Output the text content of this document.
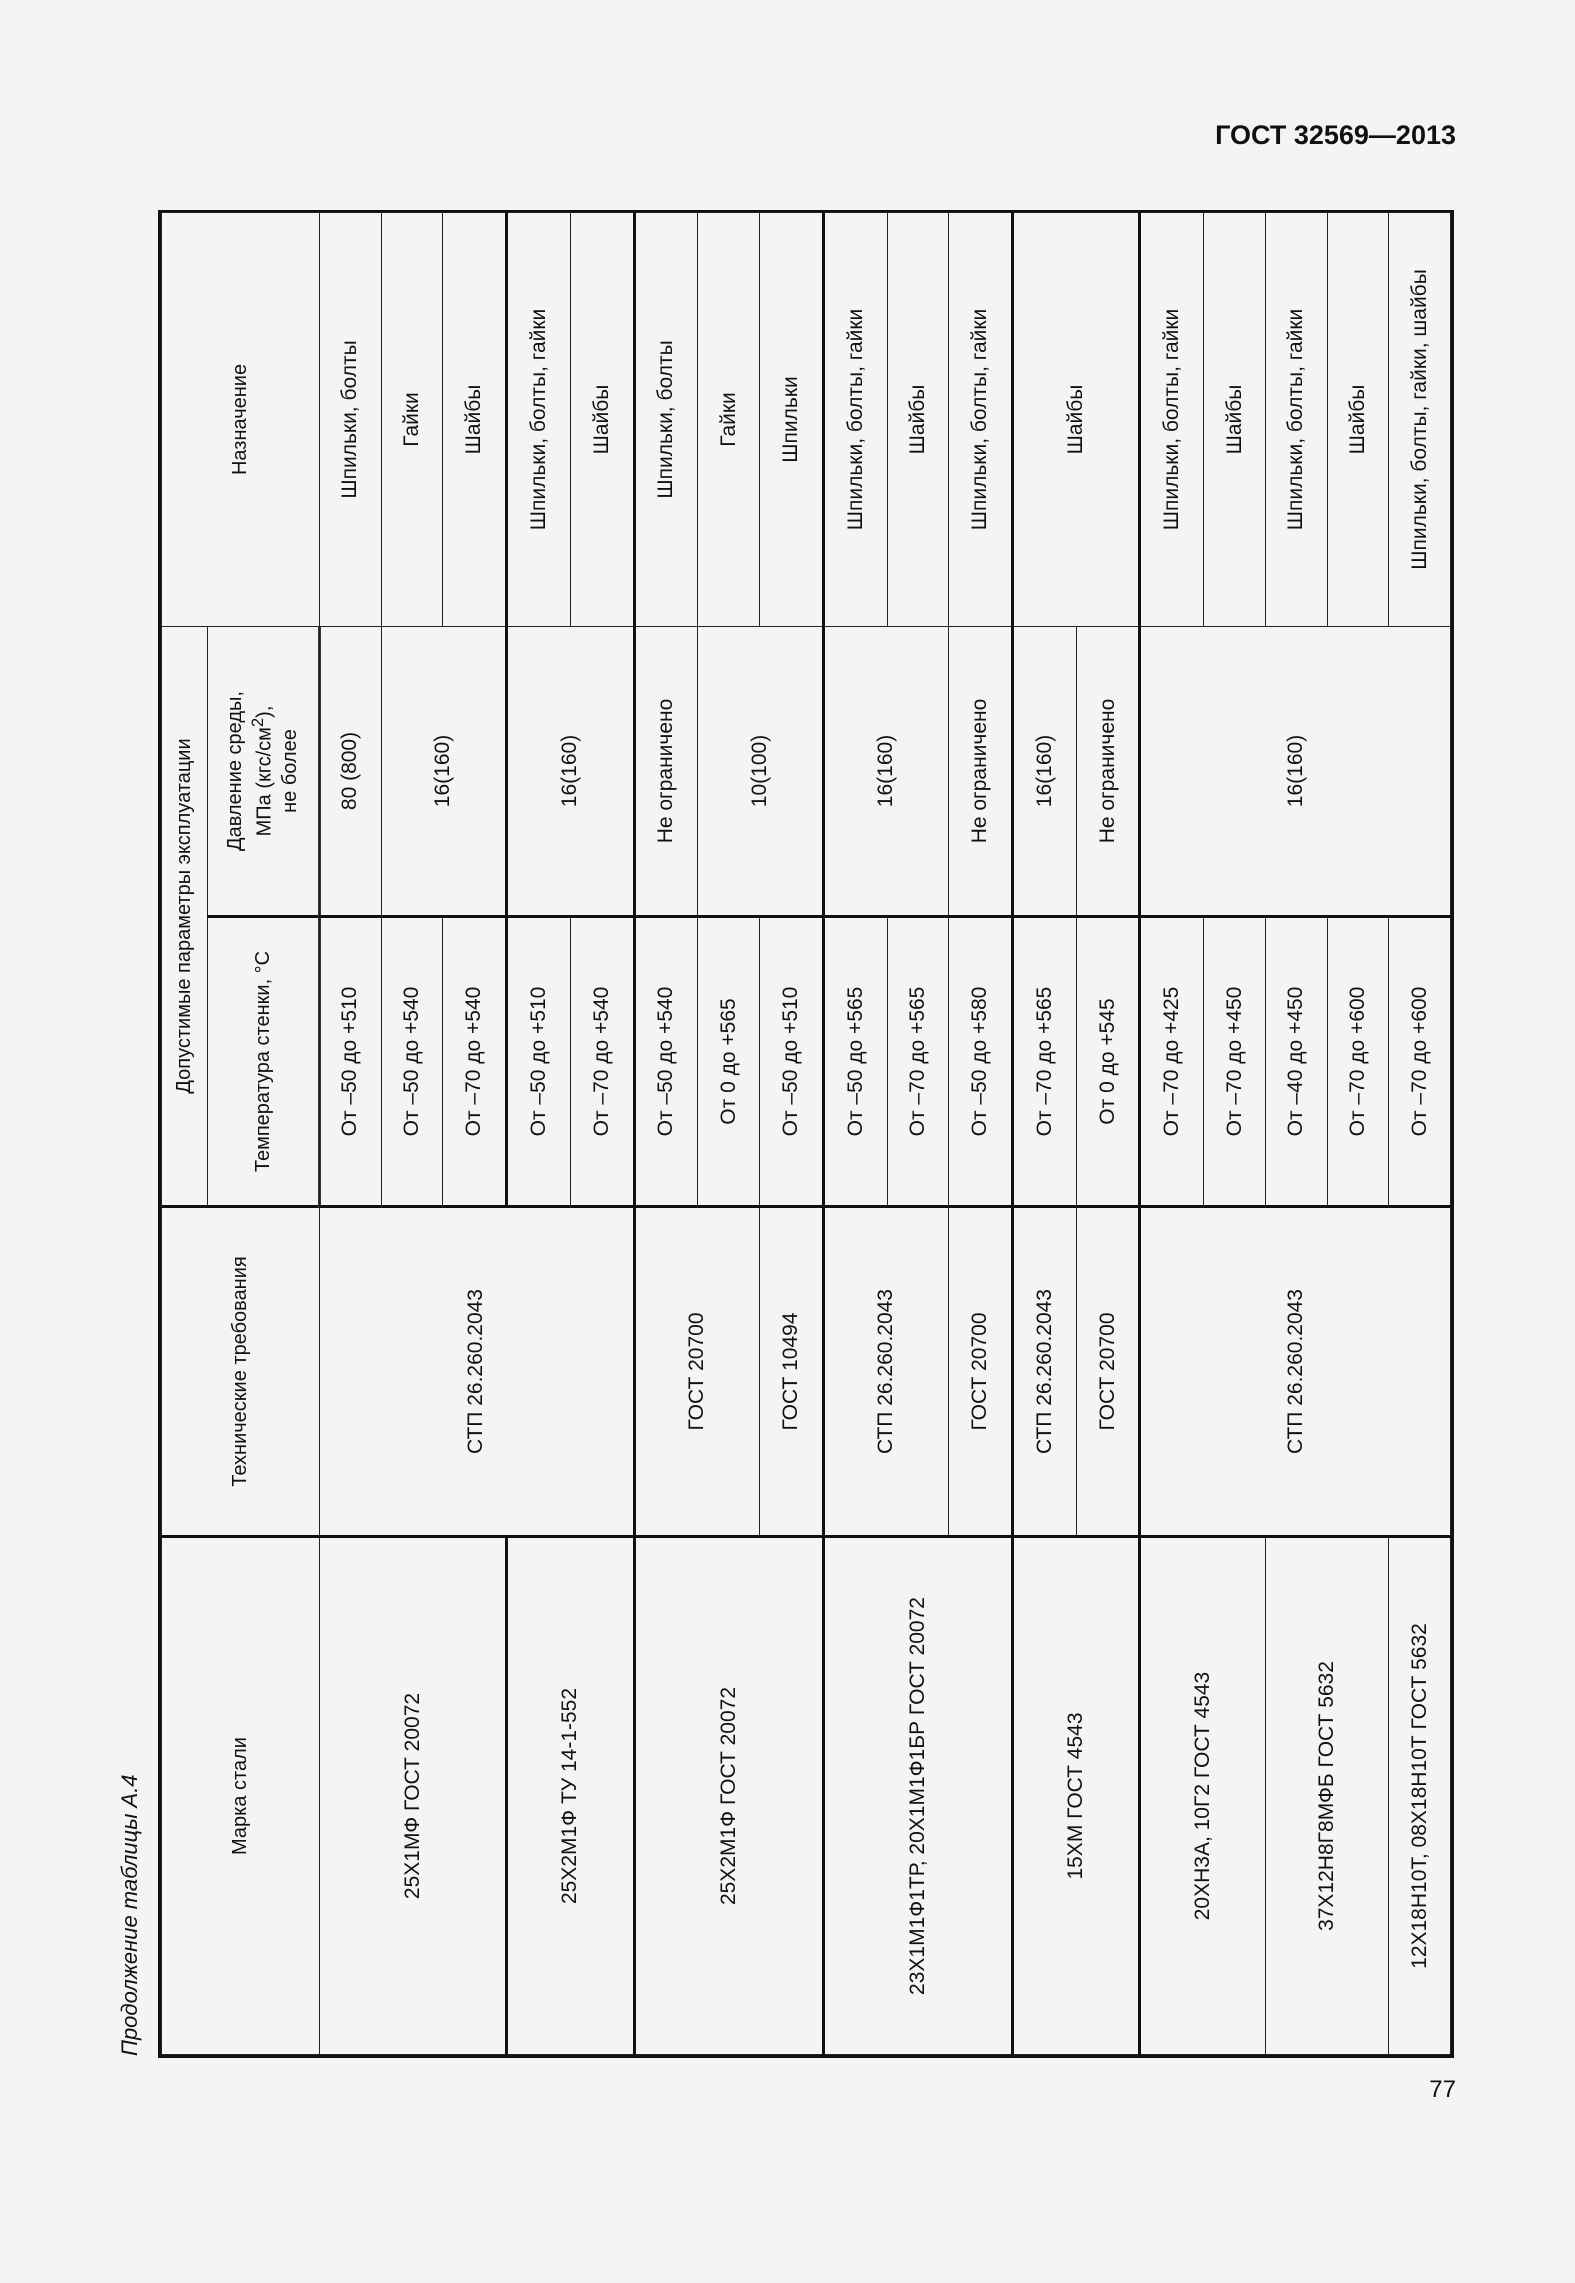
ГОСТ 32569—2013
Продолжение таблицы А.4	Марка стали	Технические требования	Допустимые параметры эксплуатации		Назначение
		Температура стенки, °С	Давление среды, МПа $(кгс/см^2)$,
не более	

25Х1МФ ГОСТ 20072	СТП 26.260.2043	От –50 до +510	80 (800)	Шпильки, болты
		От –50 до +540	16(160)	Гайки
		От –70 до +540		Шайбы
25Х2М1Ф ТУ 14-1-552		От –50 до +510	16(160)	Шпильки, болты, гайки
		От –70 до +540		Шайбы
25Х2М1Ф ГОСТ 20072	ГОСТ 20700	От –50 до +540	Не ограничено	Шпильки, болты
		От 0 до +565	10(100)	Гайки
	ГОСТ 10494	От –50 до +510		Шпильки
23Х1М1Ф1ТР, 20Х1М1Ф1БР ГОСТ 20072	СТП 26.260.2043	От –50 до +565	16(160)	Шпильки, болты, гайки
		От –70 до +565		Шайбы
	ГОСТ 20700	От –50 до +580	Не ограничено	Шпильки, болты, гайки
15ХМ ГОСТ 4543	СТП 26.260.2043	От –70 до +565	16(160)	Шайбы
	ГОСТ 20700	От 0 до +545	Не ограничено	
20ХН3А, 10Г2 ГОСТ 4543	СТП 26.260.2043	От –70 до +425	16(160)	Шпильки, болты, гайки
		От –70 до +450		Шайбы
37Х12Н8Г8МФБ ГОСТ 5632		От –40 до +450		Шпильки, болты, гайки
		От –70 до +600		Шайбы
12Х18Н10Т, 08Х18Н10Т ГОСТ 5632		От –70 до +600		Шпильки, болты, гайки, шайбы
77
